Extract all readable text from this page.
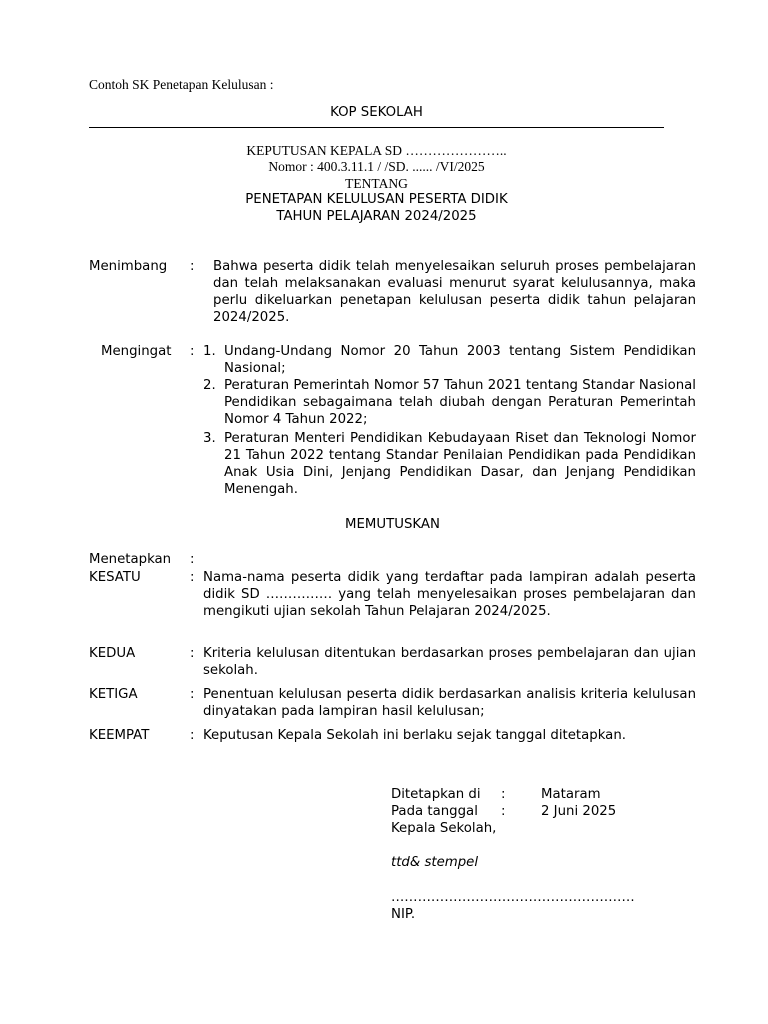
Contoh SK Penetapan Kelulusan :
KOP SEKOLAH
KEPUTUSAN KEPALA SD …………………..
Nomor : 400.3.11.1 / /SD. ...... /VI/2025
TENTANG
PENETAPAN KELULUSAN PESERTA DIDIK
TAHUN PELAJARAN 2024/2025
Menimbang : Bahwa peserta didik telah menyelesaikan seluruh proses pembelajaran dan telah melaksanakan evaluasi menurut syarat kelulusannya, maka perlu dikeluarkan penetapan kelulusan peserta didik tahun pelajaran 2024/2025.
Mengingat : 1. Undang-Undang Nomor 20 Tahun 2003 tentang Sistem Pendidikan Nasional;
2. Peraturan Pemerintah Nomor 57 Tahun 2021 tentang Standar Nasional Pendidikan sebagaimana telah diubah dengan Peraturan Pemerintah Nomor 4 Tahun 2022;
3. Peraturan Menteri Pendidikan Kebudayaan Riset dan Teknologi Nomor 21 Tahun 2022 tentang Standar Penilaian Pendidikan pada Pendidikan Anak Usia Dini, Jenjang Pendidikan Dasar, dan Jenjang Pendidikan Menengah.
MEMUTUSKAN
Menetapkan :
KESATU	: Nama-nama peserta didik yang terdaftar pada lampiran adalah peserta didik SD …………… yang telah menyelesaikan proses pembelajaran dan mengikuti ujian sekolah Tahun Pelajaran 2024/2025.
KEDUA	: Kriteria kelulusan ditentukan berdasarkan proses pembelajaran dan ujian sekolah.
KETIGA	: Penentuan kelulusan peserta didik berdasarkan analisis kriteria kelulusan dinyatakan pada lampiran hasil kelulusan;
KEEMPAT	: Keputusan Kepala Sekolah ini berlaku sejak tanggal ditetapkan.
Ditetapkan di :	Mataram
Pada tanggal :	2 Juni 2025
Kepala Sekolah,
ttd& stempel
……………………………………………….
NIP.
